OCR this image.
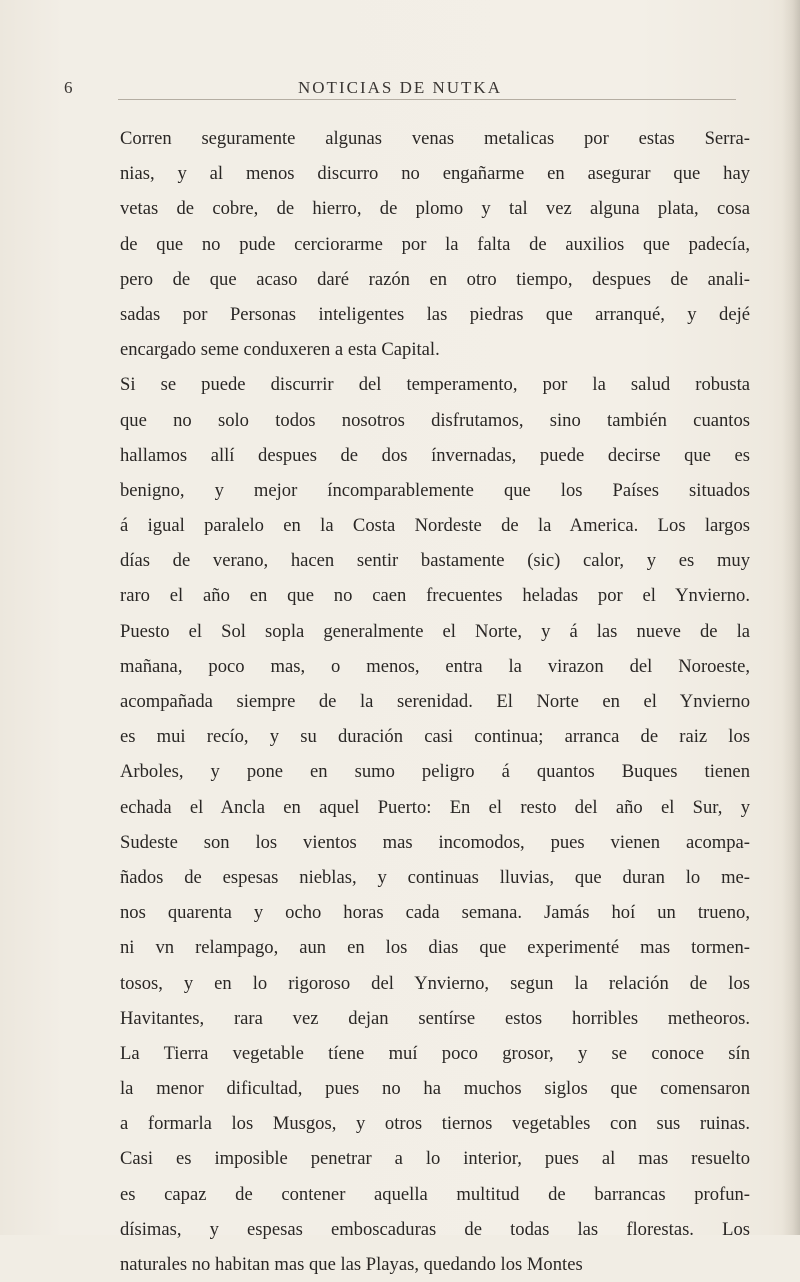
6	NOTICIAS DE NUTKA
Corren seguramente algunas venas metalicas por estas Serra-
nias, y al menos discurro no engañarme en asegurar que hay
vetas de cobre, de hierro, de plomo y tal vez alguna plata, cosa
de que no pude cerciorarme por la falta de auxilios que padecía,
pero de que acaso daré razón en otro tiempo, despues de anali-
sadas por Personas inteligentes las piedras que arranqué, y dejé
encargado seme conduxeren a esta Capital.
Si se puede discurrir del temperamento, por la salud robusta
que no solo todos nosotros disfrutamos, sino también cuantos
hallamos allí despues de dos ínvernadas, puede decirse que es
benigno, y mejor íncomparablemente que los Países situados
á igual paralelo en la Costa Nordeste de la Americа. Los largos
días de verano, hacen sentir bastamente (sic) calor, y es muy
raro el año en que no caen frecuentes heladas por el Ynvierno.
Puesto el Sol sopla generalmente el Norte, y á las nueve de la
mañana, poco mas, o menos, entra la virazon del Noroeste,
acompañada siempre de la serenidad. El Norte en el Ynvierno
es mui recío, y su duración casi continua; arranca de raiz los
Arboles, y pone en sumo peligro á quantos Buques tienen
echada el Ancla en aquel Puerto: En el resto del año el Sur, y
Sudeste son los vientos mas incomodos, pues vienen acompa-
ñados de espesas nieblas, y continuas lluvias, que duran lo me-
nos quarenta y ocho horas cada semana. Jamás hoí un trueno,
ni vn relampago, aun en los dias que experimenté mas tormen-
tosos, y en lo rigoroso del Ynvierno, segun la relación de los
Havitantes, rara vez dejan sentírse estos horribles metheoros.
La Tierra vegetable tíene muí poco grosor, y se conoce sín
la menor dificultad, pues no ha muchos siglos que comensaron
a formarla los Musgos, y otros tiernos vegetables con sus ruinas.
Casi es imposible penetrar a lo interior, pues al mas resuelto
es capaz de contener aquella multitud de barrancas profun-
dísimas, y espesas emboscaduras de todas las florestas. Los
naturales no habitan mas que las Playas, quedando los Montes
